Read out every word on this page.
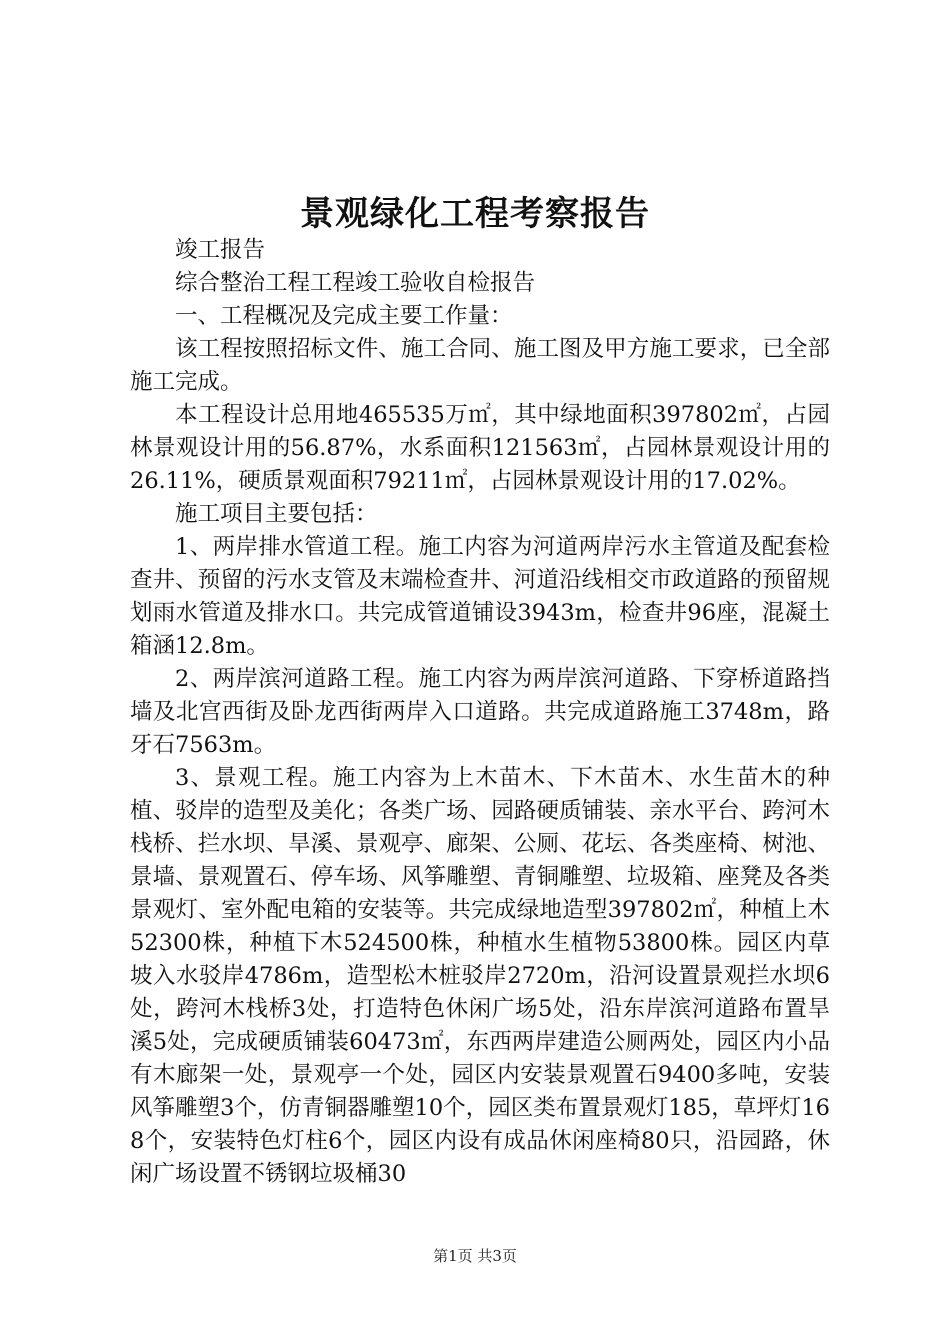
景观绿化工程考察报告

竣工报告

综合整治工程工程竣工验收自检报告

一、工程概况及完成主要工作量：

该工程按照招标文件、施工合同、施工图及甲方施工要求，已全部施工完成。

本工程设计总用地465535万㎡，其中绿地面积397802㎡，占园林景观设计用的56.87%，水系面积121563㎡，占园林景观设计用的26.11%，硬质景观面积79211㎡，占园林景观设计用的17.02%。

施工项目主要包括：

1、两岸排水管道工程。施工内容为河道两岸污水主管道及配套检查井、预留的污水支管及末端检查井、河道沿线相交市政道路的预留规划雨水管道及排水口。共完成管道铺设3943m，检查井96座，混凝土箱涵12.8m。

2、两岸滨河道路工程。施工内容为两岸滨河道路、下穿桥道路挡墙及北宫西街及卧龙西街两岸入口道路。共完成道路施工3748m，路牙石7563m。

3、景观工程。施工内容为上木苗木、下木苗木、水生苗木的种植、驳岸的造型及美化；各类广场、园路硬质铺装、亲水平台、跨河木栈桥、拦水坝、旱溪、景观亭、廊架、公厕、花坛、各类座椅、树池、景墙、景观置石、停车场、风筝雕塑、青铜雕塑、垃圾箱、座凳及各类景观灯、室外配电箱的安装等。共完成绿地造型397802㎡，种植上木52300株，种植下木524500株，种植水生植物53800株。园区内草坡入水驳岸4786m，造型松木桩驳岸2720m，沿河设置景观拦水坝6处，跨河木栈桥3处，打造特色休闲广场5处，沿东岸滨河道路布置旱溪5处，完成硬质铺装60473㎡，东西两岸建造公厕两处，园区内小品有木廊架一处，景观亭一个处，园区内安装景观置石9400多吨，安装风筝雕塑3个，仿青铜器雕塑10个，园区类布置景观灯185，草坪灯168个，安装特色灯柱6个，园区内设有成品休闲座椅80只，沿园路，休闲广场设置不锈钢垃圾桶30

第1页 共3页
